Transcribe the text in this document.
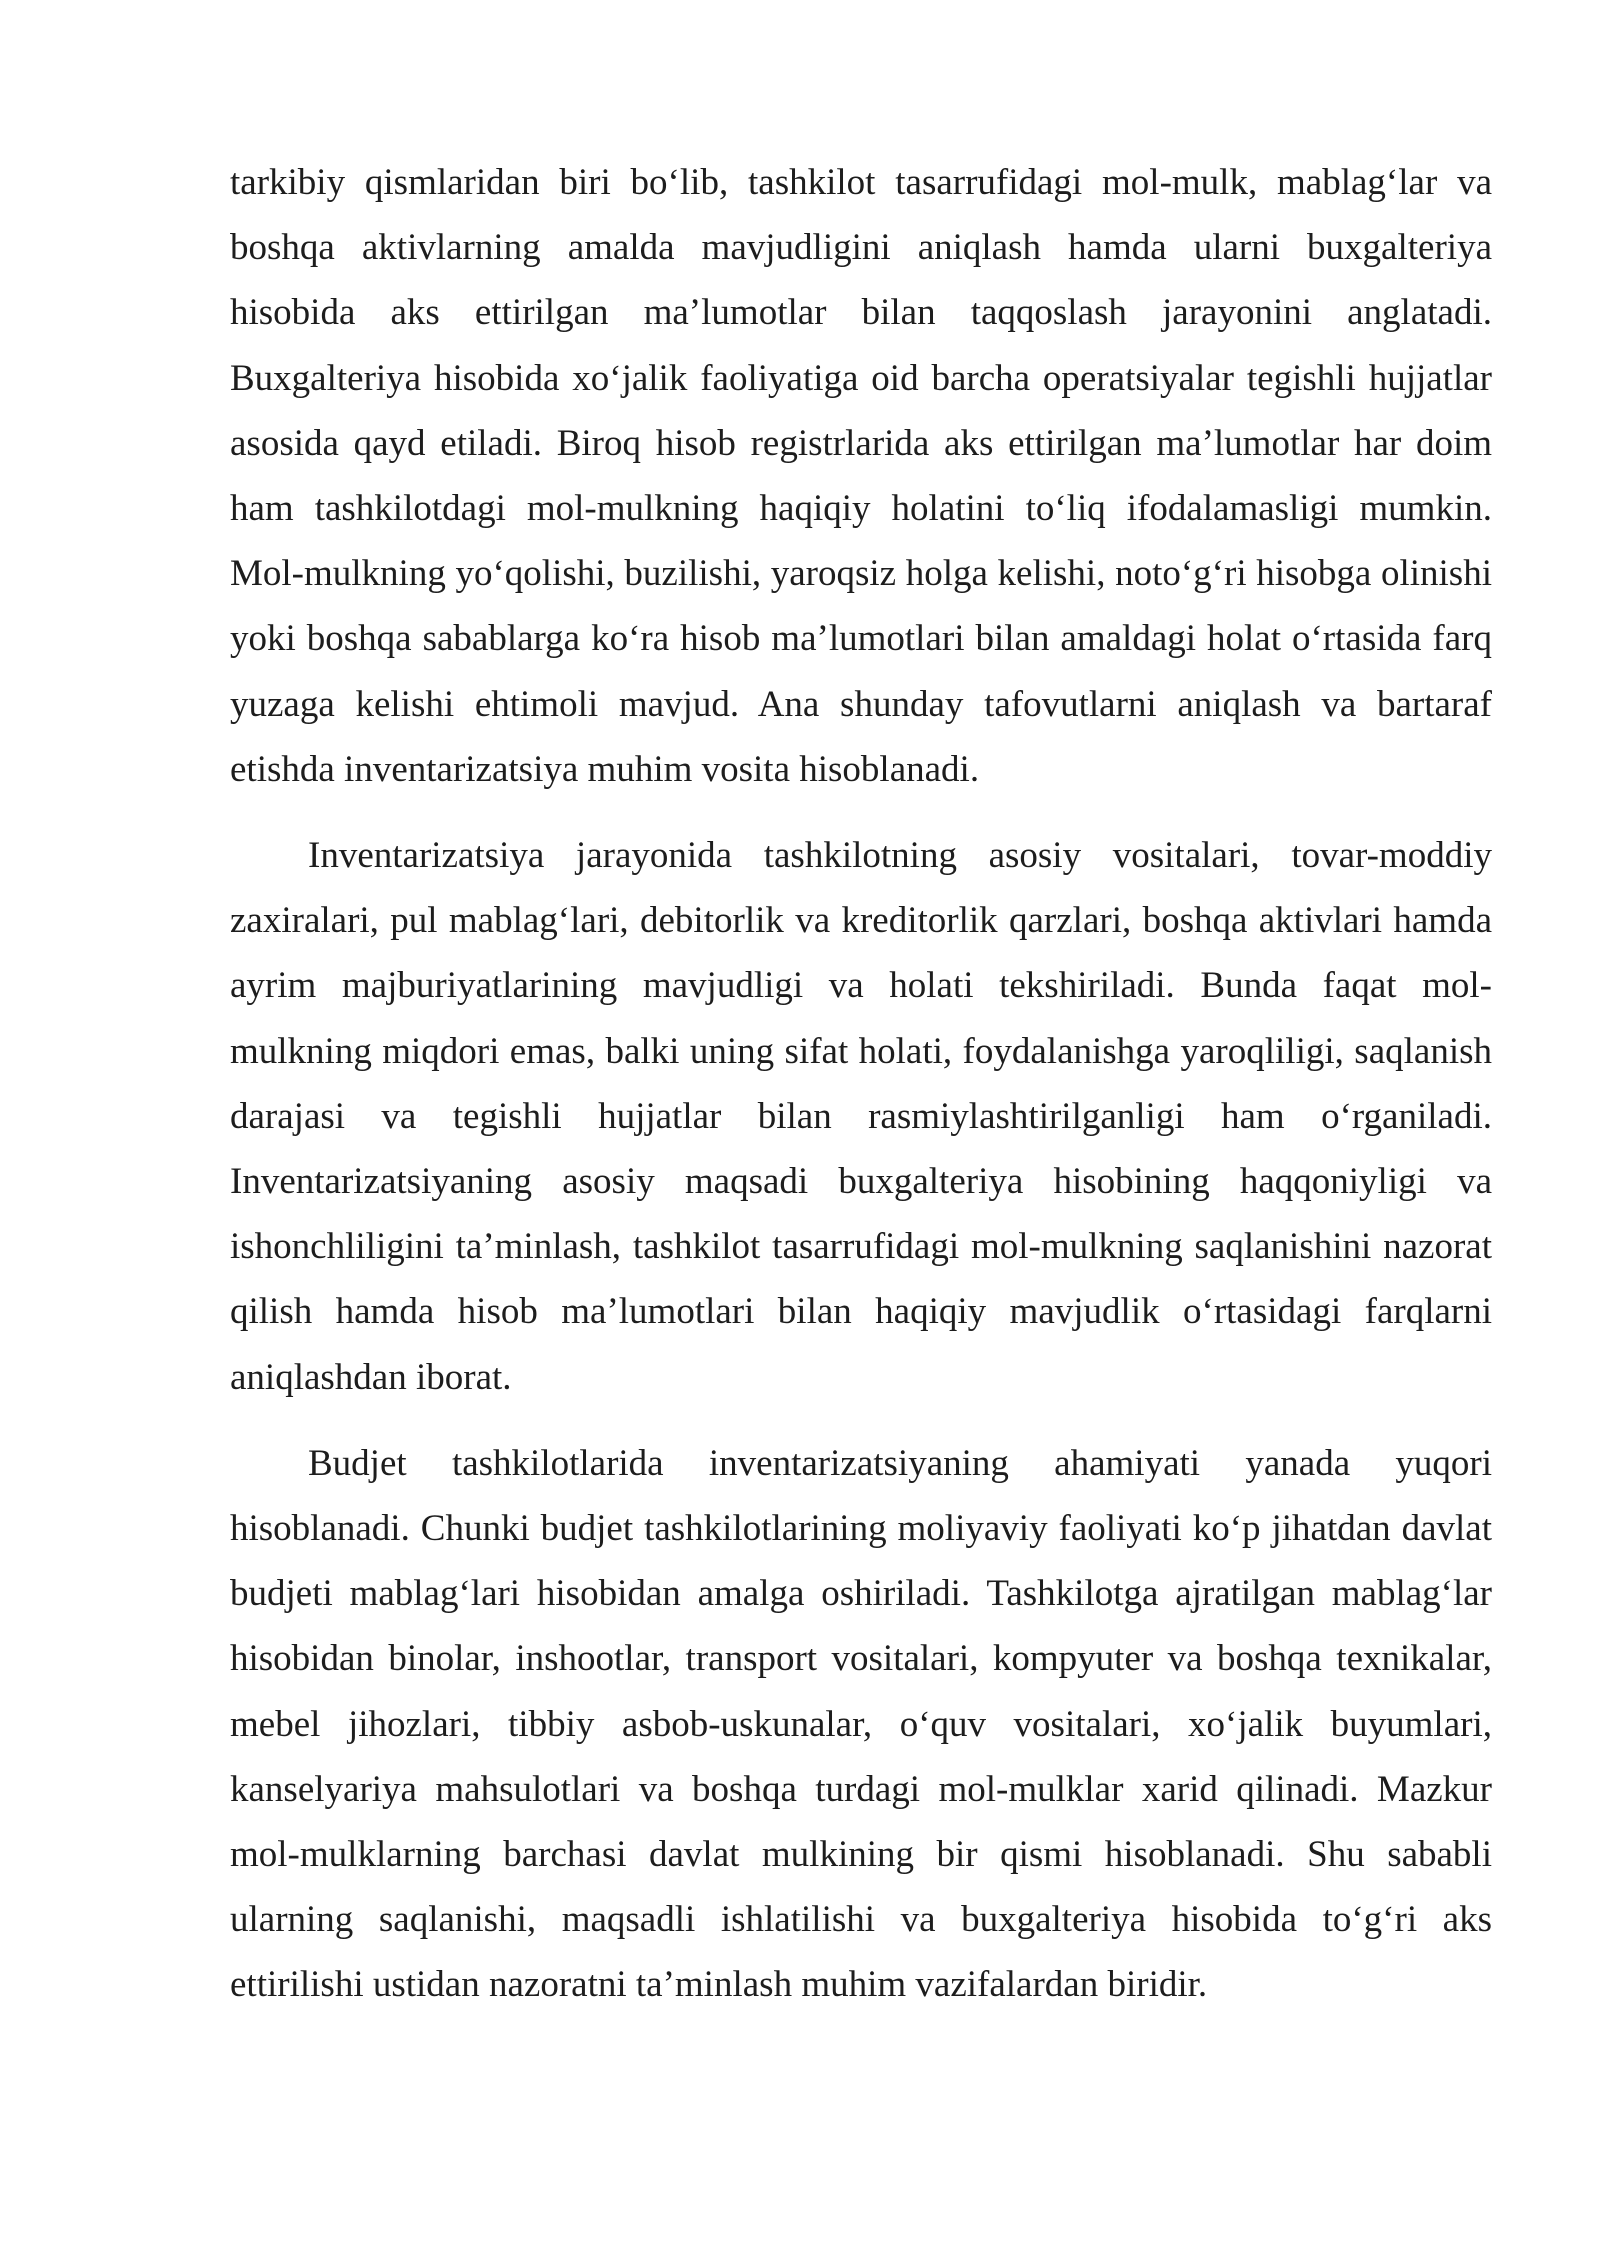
tarkibiy qismlaridan biri bo‘lib, tashkilot tasarrufidagi mol-mulk, mablag‘lar va boshqa aktivlarning amalda mavjudligini aniqlash hamda ularni buxgalteriya hisobida aks ettirilgan ma’lumotlar bilan taqqoslash jarayonini anglatadi. Buxgalteriya hisobida xo‘jalik faoliyatiga oid barcha operatsiyalar tegishli hujjatlar asosida qayd etiladi. Biroq hisob registrlarida aks ettirilgan ma’lumotlar har doim ham tashkilotdagi mol-mulkning haqiqiy holatini to‘liq ifodalamasligi mumkin. Mol-mulkning yo‘qolishi, buzilishi, yaroqsiz holga kelishi, noto‘g‘ri hisobga olinishi yoki boshqa sabablarga ko‘ra hisob ma’lumotlari bilan amaldagi holat o‘rtasida farq yuzaga kelishi ehtimoli mavjud. Ana shunday tafovutlarni aniqlash va bartaraf etishda inventarizatsiya muhim vosita hisoblanadi.

Inventarizatsiya jarayonida tashkilotning asosiy vositalari, tovar-moddiy zaxiralari, pul mablag‘lari, debitorlik va kreditorlik qarzlari, boshqa aktivlari hamda ayrim majburiyatlarining mavjudligi va holati tekshiriladi. Bunda faqat mol-mulkning miqdori emas, balki uning sifat holati, foydalanishga yaroqliligi, saqlanish darajasi va tegishli hujjatlar bilan rasmiylashtirilganligi ham o‘rganiladi. Inventarizatsiyaning asosiy maqsadi buxgalteriya hisobining haqqoniyligi va ishonchliligini ta’minlash, tashkilot tasarrufidagi mol-mulkning saqlanishini nazorat qilish hamda hisob ma’lumotlari bilan haqiqiy mavjudlik o‘rtasidagi farqlarni aniqlashdan iborat.

Budjet tashkilotlarida inventarizatsiyaning ahamiyati yanada yuqori hisoblanadi. Chunki budjet tashkilotlarining moliyaviy faoliyati ko‘p jihatdan davlat budjeti mablag‘lari hisobidan amalga oshiriladi. Tashkilotga ajratilgan mablag‘lar hisobidan binolar, inshootlar, transport vositalari, kompyuter va boshqa texnikalar, mebel jihozlari, tibbiy asbob-uskunalar, o‘quv vositalari, xo‘jalik buyumlari, kanselyariya mahsulotlari va boshqa turdagi mol-mulklar xarid qilinadi. Mazkur mol-mulklarning barchasi davlat mulkining bir qismi hisoblanadi. Shu sababli ularning saqlanishi, maqsadli ishlatilishi va buxgalteriya hisobida to‘g‘ri aks ettirilishi ustidan nazoratni ta’minlash muhim vazifalardan biridir.
